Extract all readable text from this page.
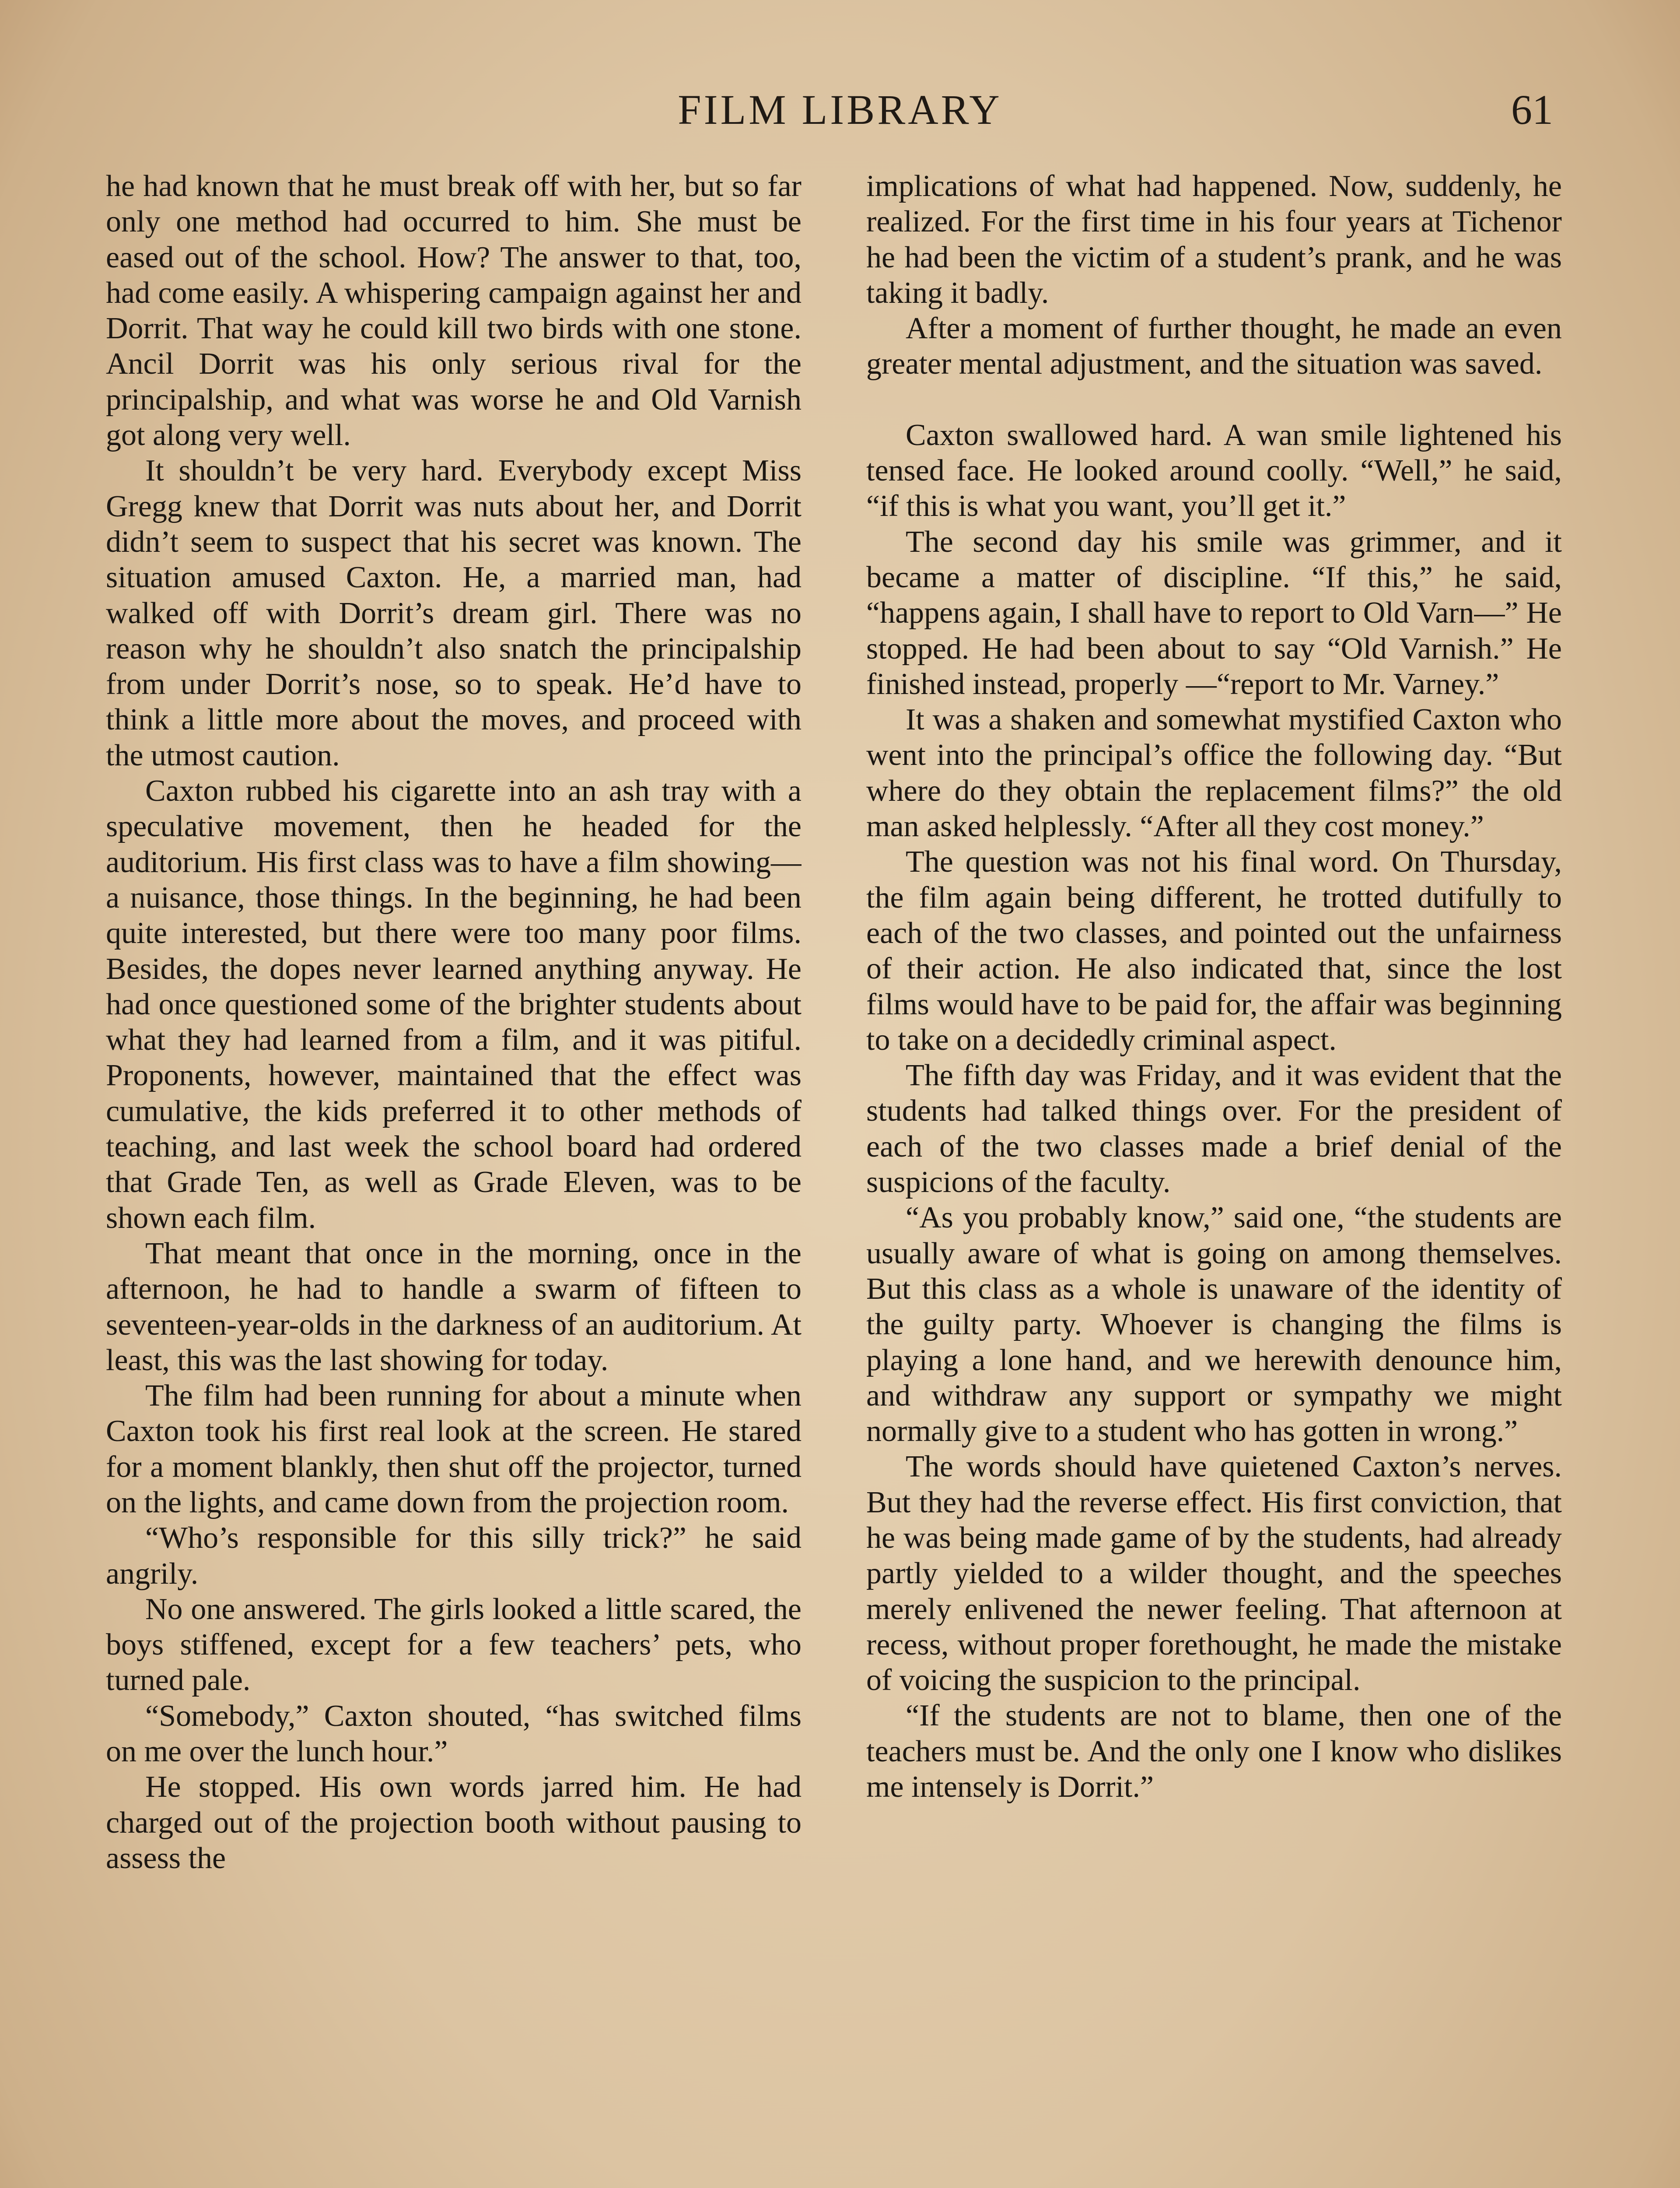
FILM LIBRARY	61

he had known that he must break off with her, but so far only one method had occurred to him. She must be eased out of the school. How? The answer to that, too, had come easily. A whispering campaign against her and Dorrit. That way he could kill two birds with one stone. Ancil Dorrit was his only serious rival for the principalship, and what was worse he and Old Varnish got along very well.

It shouldn’t be very hard. Everybody except Miss Gregg knew that Dorrit was nuts about her, and Dorrit didn’t seem to suspect that his secret was known. The situation amused Caxton. He, a married man, had walked off with Dorrit’s dream girl. There was no reason why he shouldn’t also snatch the principalship from under Dorrit’s nose, so to speak. He’d have to think a little more about the moves, and proceed with the utmost caution.

Caxton rubbed his cigarette into an ash tray with a speculative movement, then he headed for the auditorium. His first class was to have a film showing—a nuisance, those things. In the beginning, he had been quite interested, but there were too many poor films. Besides, the dopes never learned anything anyway. He had once questioned some of the brighter students about what they had learned from a film, and it was pitiful. Proponents, however, maintained that the effect was cumulative, the kids preferred it to other methods of teaching, and last week the school board had ordered that Grade Ten, as well as Grade Eleven, was to be shown each film.

That meant that once in the morning, once in the afternoon, he had to handle a swarm of fifteen to seventeen-year-olds in the darkness of an auditorium. At least, this was the last showing for today.

The film had been running for about a minute when Caxton took his first real look at the screen. He stared for a moment blankly, then shut off the projector, turned on the lights, and came down from the projection room.

“Who’s responsible for this silly trick?” he said angrily.

No one answered. The girls looked a little scared, the boys stiffened, except for a few teachers’ pets, who turned pale.

“Somebody,” Caxton shouted, “has switched films on me over the lunch hour.”

He stopped. His own words jarred him. He had charged out of the projection booth without pausing to assess the

implications of what had happened. Now, suddenly, he realized. For the first time in his four years at Tichenor he had been the victim of a student’s prank, and he was taking it badly.

After a moment of further thought, he made an even greater mental adjustment, and the situation was saved.

Caxton swallowed hard. A wan smile lightened his tensed face. He looked around coolly. “Well,” he said, “if this is what you want, you’ll get it.”

The second day his smile was grimmer, and it became a matter of discipline. “If this,” he said, “happens again, I shall have to report to Old Varn—” He stopped. He had been about to say “Old Varnish.” He finished instead, properly —“report to Mr. Varney.”

It was a shaken and somewhat mystified Caxton who went into the principal’s office the following day. “But where do they obtain the replacement films?” the old man asked helplessly. “After all they cost money.”

The question was not his final word. On Thursday, the film again being different, he trotted dutifully to each of the two classes, and pointed out the unfairness of their action. He also indicated that, since the lost films would have to be paid for, the affair was beginning to take on a decidedly criminal aspect.

The fifth day was Friday, and it was evident that the students had talked things over. For the president of each of the two classes made a brief denial of the suspicions of the faculty.

“As you probably know,” said one, “the students are usually aware of what is going on among themselves. But this class as a whole is unaware of the identity of the guilty party. Whoever is changing the films is playing a lone hand, and we herewith denounce him, and withdraw any support or sympathy we might normally give to a student who has gotten in wrong.”

The words should have quietened Caxton’s nerves. But they had the reverse effect. His first conviction, that he was being made game of by the students, had already partly yielded to a wilder thought, and the speeches merely enlivened the newer feeling. That afternoon at recess, without proper forethought, he made the mistake of voicing the suspicion to the principal.

“If the students are not to blame, then one of the teachers must be. And the only one I know who dislikes me intensely is Dorrit.”
